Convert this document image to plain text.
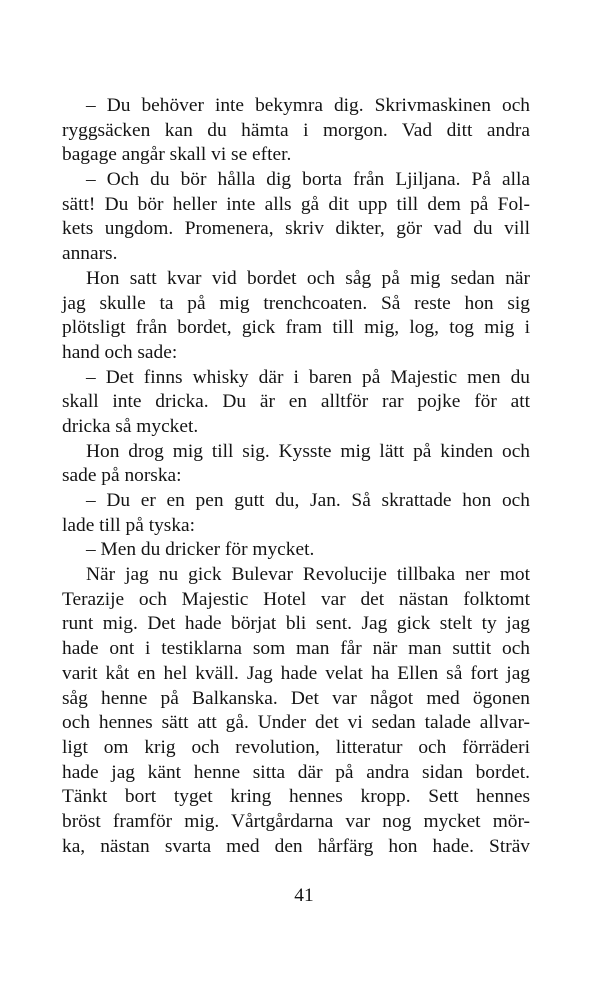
– Du behöver inte bekymra dig. Skrivmaskinen och
ryggsäcken kan du hämta i morgon. Vad ditt andra
bagage angår skall vi se efter.
– Och du bör hålla dig borta från Ljiljana. På alla
sätt! Du bör heller inte alls gå dit upp till dem på Fol-
kets ungdom. Promenera, skriv dikter, gör vad du vill
annars.
Hon satt kvar vid bordet och såg på mig sedan när
jag skulle ta på mig trenchcoaten. Så reste hon sig
plötsligt från bordet, gick fram till mig, log, tog mig i
hand och sade:
– Det finns whisky där i baren på Majestic men du
skall inte dricka. Du är en alltför rar pojke för att
dricka så mycket.
Hon drog mig till sig. Kysste mig lätt på kinden och
sade på norska:
– Du er en pen gutt du, Jan. Så skrattade hon och
lade till på tyska:
– Men du dricker för mycket.
När jag nu gick Bulevar Revolucije tillbaka ner mot
Terazije och Majestic Hotel var det nästan folktomt
runt mig. Det hade börjat bli sent. Jag gick stelt ty jag
hade ont i testiklarna som man får när man suttit och
varit kåt en hel kväll. Jag hade velat ha Ellen så fort jag
såg henne på Balkanska. Det var något med ögonen
och hennes sätt att gå. Under det vi sedan talade allvar-
ligt om krig och revolution, litteratur och förräderi
hade jag känt henne sitta där på andra sidan bordet.
Tänkt bort tyget kring hennes kropp. Sett hennes
bröst framför mig. Vårtgårdarna var nog mycket mör-
ka, nästan svarta med den hårfärg hon hade. Sträv
41
